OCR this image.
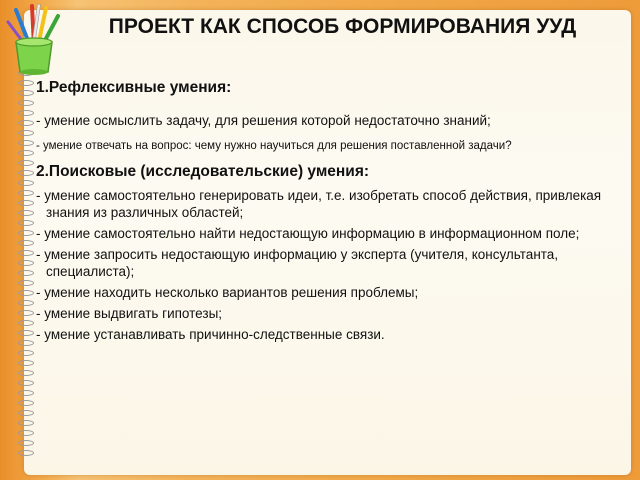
ПРОЕКТ КАК СПОСОБ ФОРМИРОВАНИЯ УУД

1.Рефлексивные умения:

- умение осмыслить задачу, для решения которой недостаточно знаний;

- умение отвечать на вопрос: чему нужно научиться для решения поставленной задачи?

2.Поисковые (исследовательские) умения:

- умение самостоятельно генерировать идеи, т.е. изобретать способ действия, привлекая знания из различных областей;

- умение самостоятельно найти недостающую информацию в информационном поле;

- умение запросить недостающую информацию у эксперта (учителя, консультанта, специалиста);

- умение находить несколько вариантов решения проблемы;

- умение выдвигать гипотезы;

- умение устанавливать причинно-следственные связи.
